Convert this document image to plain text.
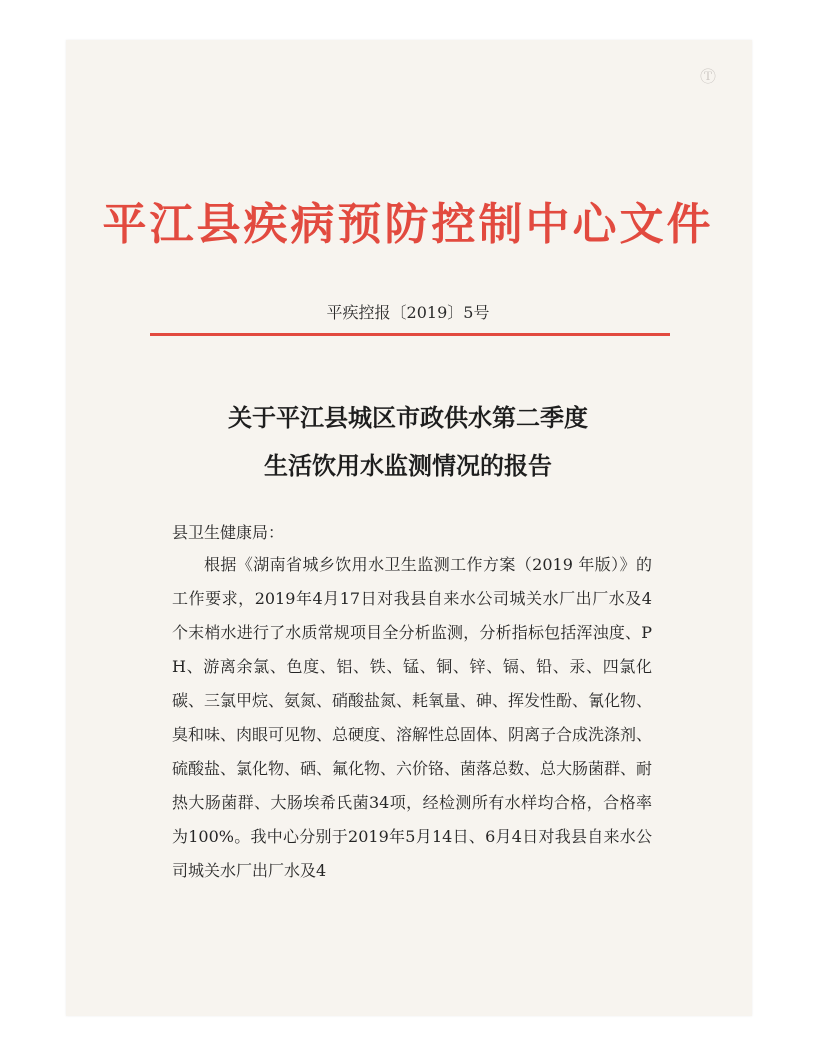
Ⓣ
平江县疾病预防控制中心文件
平疾控报〔2019〕5号
关于平江县城区市政供水第二季度
生活饮用水监测情况的报告
县卫生健康局：
根据《湖南省城乡饮用水卫生监测工作方案（2019 年版）》的工作要求，2019年4月17日对我县自来水公司城关水厂出厂水及4个末梢水进行了水质常规项目全分析监测，分析指标包括浑浊度、PH、游离余氯、色度、铝、铁、锰、铜、锌、镉、铅、汞、四氯化碳、三氯甲烷、氨氮、硝酸盐氮、耗氧量、砷、挥发性酚、氰化物、臭和味、肉眼可见物、总硬度、溶解性总固体、阴离子合成洗涤剂、硫酸盐、氯化物、硒、氟化物、六价铬、菌落总数、总大肠菌群、耐热大肠菌群、大肠埃希氏菌34项，经检测所有水样均合格，合格率为100%。我中心分别于2019年5月14日、6月4日对我县自来水公司城关水厂出厂水及4
